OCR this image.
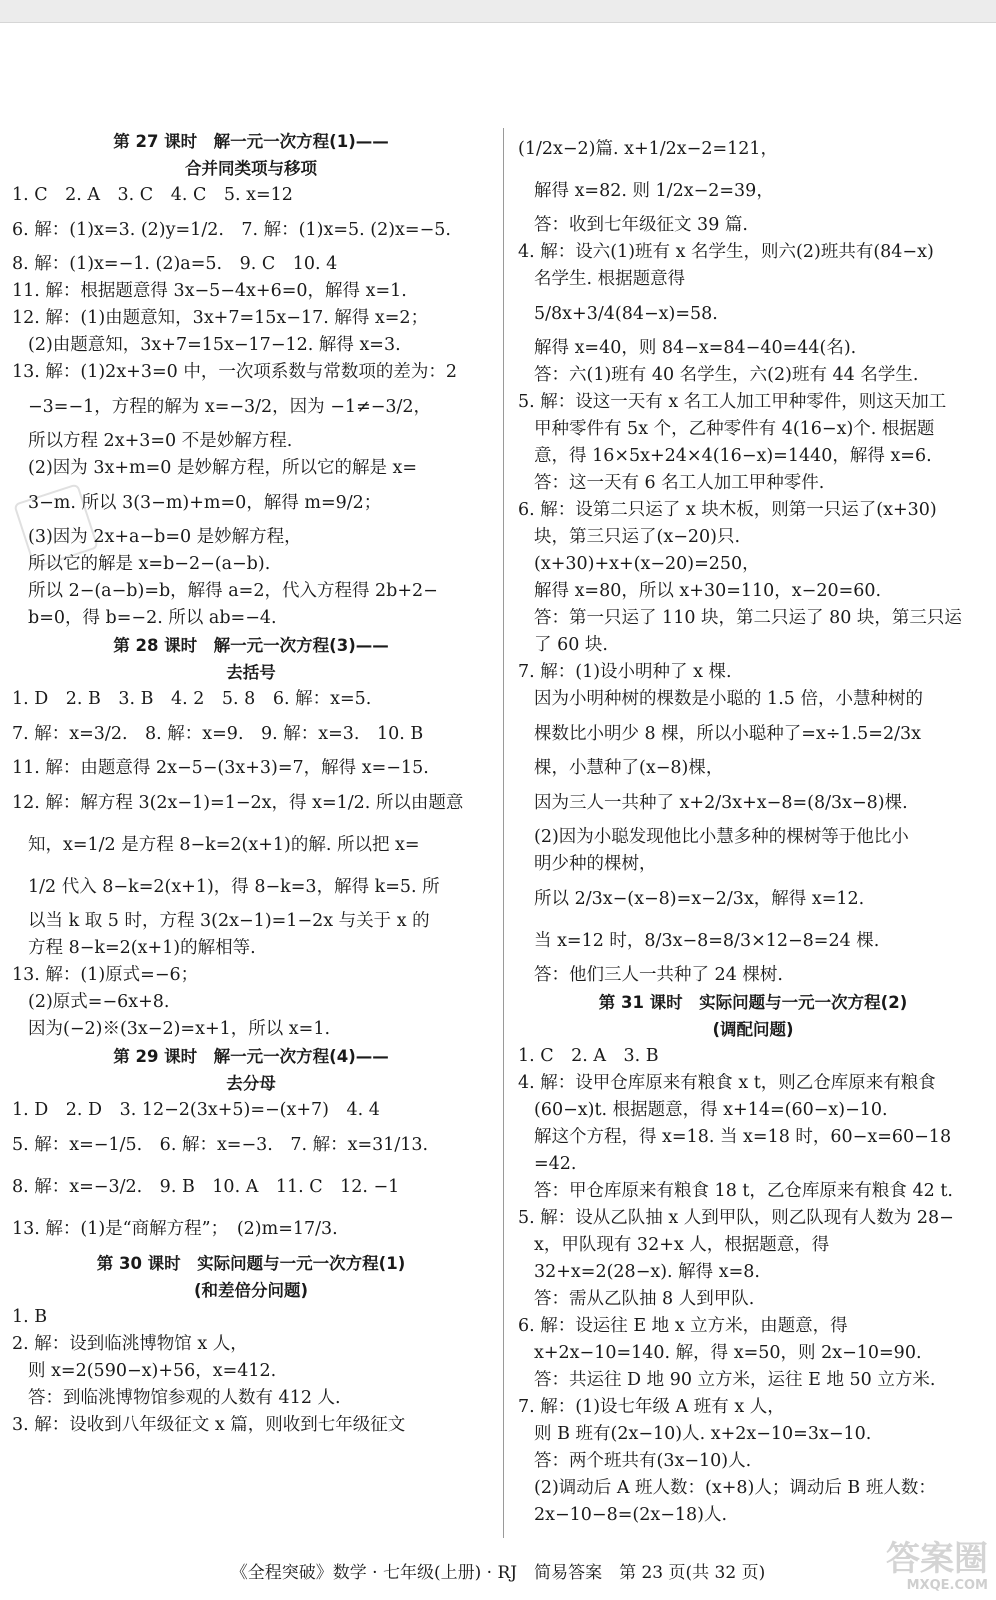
第 27 课时　解一元一次方程(1)——
合并同类项与移项
1. C　2. A　3. C　4. C　5. x=12
6. 解：(1)x=3. (2)y=1/2.　7. 解：(1)x=5. (2)x=−5.
8. 解：(1)x=−1. (2)a=5.　9. C　10. 4
11. 解：根据题意得 3x−5−4x+6=0，解得 x=1.
12. 解：(1)由题意知，3x+7=15x−17. 解得 x=2；
(2)由题意知，3x+7=15x−17−12. 解得 x=3.
13. 解：(1)2x+3=0 中，一次项系数与常数项的差为：2
−3=−1，方程的解为 x=−3/2，因为 −1≠−3/2，
所以方程 2x+3=0 不是妙解方程.
(2)因为 3x+m=0 是妙解方程，所以它的解是 x=
3−m. 所以 3(3−m)+m=0，解得 m=9/2；
(3)因为 2x+a−b=0 是妙解方程，
所以它的解是 x=b−2−(a−b).
所以 2−(a−b)=b，解得 a=2，代入方程得 2b+2−
b=0，得 b=−2. 所以 ab=−4.
第 28 课时　解一元一次方程(3)——
去括号
1. D　2. B　3. B　4. 2　5. 8　6. 解：x=5.
7. 解：x=3/2.　8. 解：x=9.　9. 解：x=3.　10. B
11. 解：由题意得 2x−5−(3x+3)=7，解得 x=−15.
12. 解：解方程 3(2x−1)=1−2x，得 x=1/2. 所以由题意
知，x=1/2 是方程 8−k=2(x+1)的解. 所以把 x=
1/2 代入 8−k=2(x+1)，得 8−k=3，解得 k=5. 所
以当 k 取 5 时，方程 3(2x−1)=1−2x 与关于 x 的
方程 8−k=2(x+1)的解相等.
13. 解：(1)原式=−6；
(2)原式=−6x+8.
因为(−2)※(3x−2)=x+1，所以 x=1.
第 29 课时　解一元一次方程(4)——
去分母
1. D　2. D　3. 12−2(3x+5)=−(x+7)　4. 4
5. 解：x=−1/5.　6. 解：x=−3.　7. 解：x=31/13.
8. 解：x=−3/2.　9. B　10. A　11. C　12. −1
13. 解：(1)是“商解方程”；　(2)m=17/3.
第 30 课时　实际问题与一元一次方程(1)
(和差倍分问题)
1. B
2. 解：设到临洮博物馆 x 人，
则 x=2(590−x)+56，x=412.
答：到临洮博物馆参观的人数有 412 人.
3. 解：设收到八年级征文 x 篇，则收到七年级征文
(1/2x−2)篇. x+1/2x−2=121，
解得 x=82. 则 1/2x−2=39，
答：收到七年级征文 39 篇.
4. 解：设六(1)班有 x 名学生，则六(2)班共有(84−x)
名学生. 根据题意得
5/8x+3/4(84−x)=58.
解得 x=40，则 84−x=84−40=44(名).
答：六(1)班有 40 名学生，六(2)班有 44 名学生.
5. 解：设这一天有 x 名工人加工甲种零件，则这天加工
甲种零件有 5x 个，乙种零件有 4(16−x)个. 根据题
意，得 16×5x+24×4(16−x)=1440，解得 x=6.
答：这一天有 6 名工人加工甲种零件.
6. 解：设第二只运了 x 块木板，则第一只运了(x+30)
块，第三只运了(x−20)只.
(x+30)+x+(x−20)=250，
解得 x=80，所以 x+30=110，x−20=60.
答：第一只运了 110 块，第二只运了 80 块，第三只运
了 60 块.
7. 解：(1)设小明种了 x 棵.
因为小明种树的棵数是小聪的 1.5 倍，小慧种树的
棵数比小明少 8 棵，所以小聪种了=x÷1.5=2/3x
棵，小慧种了(x−8)棵，
因为三人一共种了 x+2/3x+x−8=(8/3x−8)棵.
(2)因为小聪发现他比小慧多种的棵树等于他比小
明少种的棵树，
所以 2/3x−(x−8)=x−2/3x，解得 x=12.
当 x=12 时，8/3x−8=8/3×12−8=24 棵.
答：他们三人一共种了 24 棵树.
第 31 课时　实际问题与一元一次方程(2)
(调配问题)
1. C　2. A　3. B
4. 解：设甲仓库原来有粮食 x t，则乙仓库原来有粮食
(60−x)t. 根据题意，得 x+14=(60−x)−10.
解这个方程，得 x=18. 当 x=18 时，60−x=60−18
=42.
答：甲仓库原来有粮食 18 t，乙仓库原来有粮食 42 t.
5. 解：设从乙队抽 x 人到甲队，则乙队现有人数为 28−
x，甲队现有 32+x 人，根据题意，得
32+x=2(28−x). 解得 x=8.
答：需从乙队抽 8 人到甲队.
6. 解：设运往 E 地 x 立方米，由题意，得
x+2x−10=140. 解，得 x=50，则 2x−10=90.
答：共运往 D 地 90 立方米，运往 E 地 50 立方米.
7. 解：(1)设七年级 A 班有 x 人，
则 B 班有(2x−10)人. x+2x−10=3x−10.
答：两个班共有(3x−10)人.
(2)调动后 A 班人数：(x+8)人；调动后 B 班人数：
2x−10−8=(2x−18)人.
《全程突破》数学 · 七年级(上册) · RJ　简易答案　第 23 页(共 32 页)	答案圈
MXQE.COM
